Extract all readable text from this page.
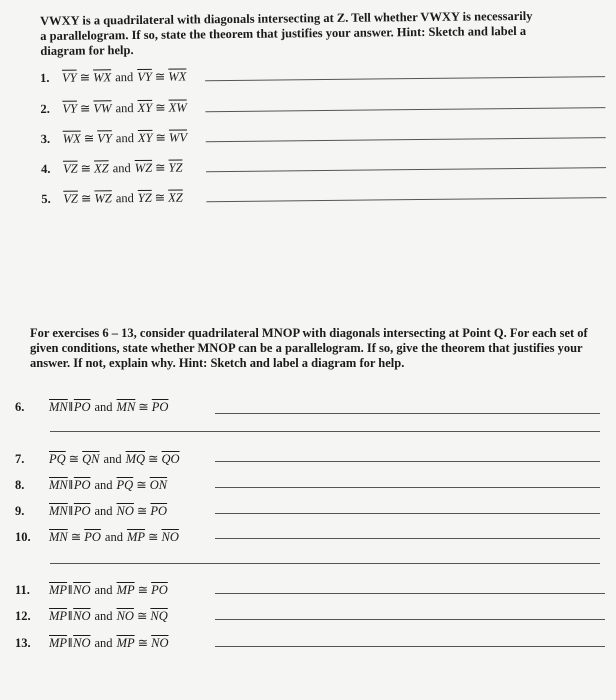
VWXY is a quadrilateral with diagonals intersecting at Z. Tell whether VWXY is necessarily a parallelogram. If so, state the theorem that justifies your answer. Hint: Sketch and label a diagram for help.
1. $\overline{VY}$ ≅ $\overline{WX}$ and $\overline{VY}$ ≅ $\overline{WX}$
2. $\overline{VY}$ ≅ $\overline{VW}$ and $\overline{XY}$ ≅ $\overline{XW}$
3. $\overline{WX}$ ≅ $\overline{VY}$ and $\overline{XY}$ ≅ $\overline{WV}$
4. $\overline{VZ}$ ≅ $\overline{XZ}$ and $\overline{WZ}$ ≅ $\overline{YZ}$
5. $\overline{VZ}$ ≅ $\overline{WZ}$ and $\overline{YZ}$ ≅ $\overline{XZ}$
For exercises 6 – 13, consider quadrilateral MNOP with diagonals intersecting at Point Q. For each set of given conditions, state whether MNOP can be a parallelogram. If so, give the theorem that justifies your answer. If not, explain why. Hint: Sketch and label a diagram for help.
6.	$\overline{MN}$ ‖ $\overline{PO}$ and $\overline{MN}$ ≅ $\overline{PO}$
7.	$\overline{PQ}$ ≅ $\overline{QN}$ and $\overline{MQ}$ ≅ $\overline{QO}$
8.	$\overline{MN}$ ‖ $\overline{PO}$ and $\overline{PQ}$ ≅ $\overline{ON}$
9.	$\overline{MN}$ ‖ $\overline{PO}$ and $\overline{NO}$ ≅ $\overline{PO}$
10.	$\overline{MN}$ ≅ $\overline{PO}$ and $\overline{MP}$ ≅ $\overline{NO}$
11.	$\overline{MP}$ ‖ $\overline{NO}$ and $\overline{MP}$ ≅ $\overline{PO}$
12.	$\overline{MP}$ ‖ $\overline{NO}$ and $\overline{NO}$ ≅ $\overline{NQ}$
13.	$\overline{MP}$ ‖ $\overline{NO}$ and $\overline{MP}$ ≅ $\overline{NO}$
